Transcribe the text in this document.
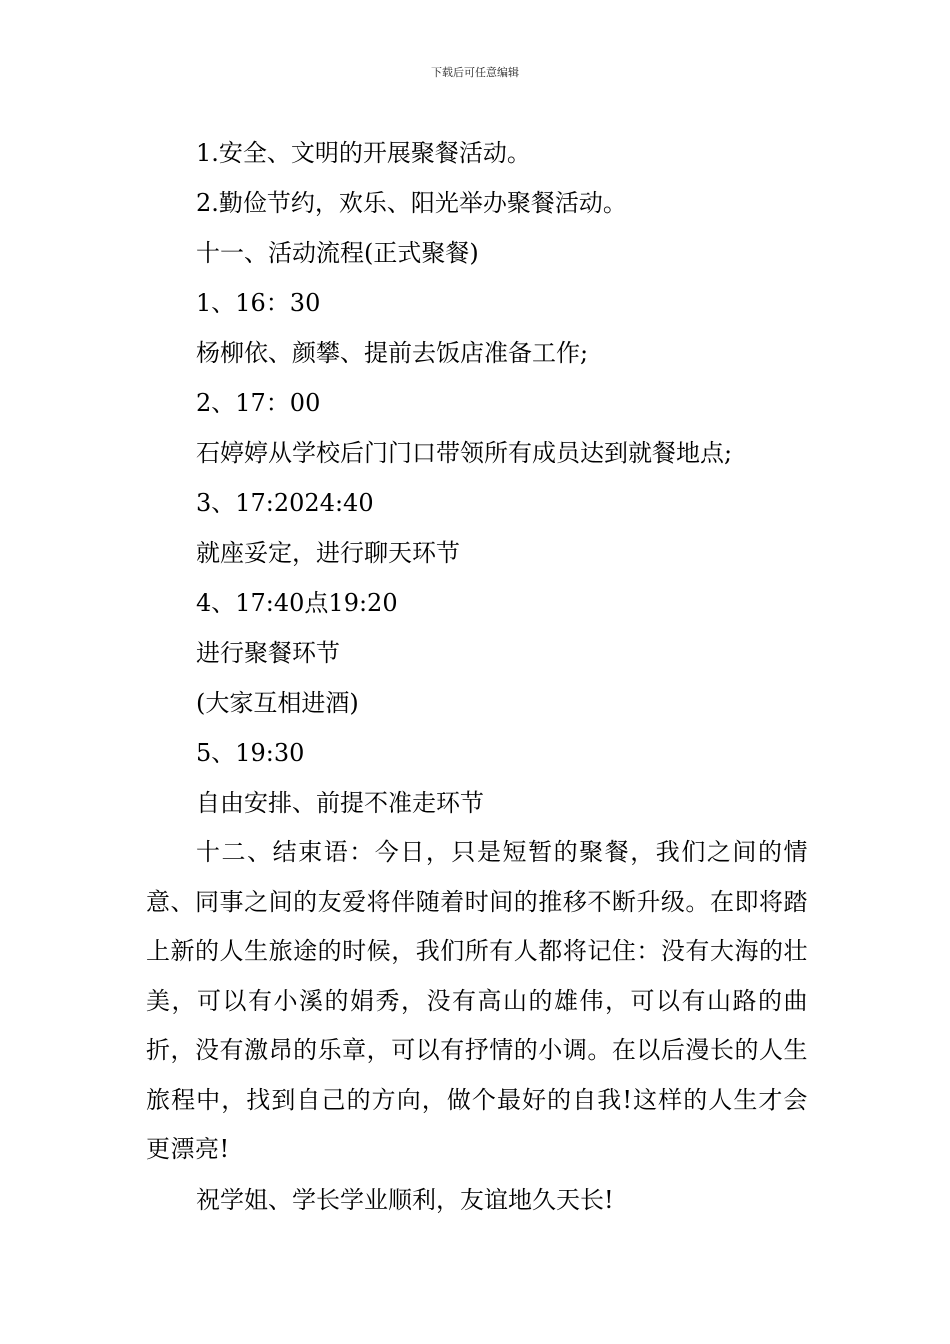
下载后可任意编辑
1.安全、文明的开展聚餐活动。
2.勤俭节约，欢乐、阳光举办聚餐活动。
十一、活动流程(正式聚餐)
1、16：30
杨柳依、颜攀、提前去饭店准备工作;
2、17：00
石婷婷从学校后门门口带领所有成员达到就餐地点;
3、17:2024:40
就座妥定，进行聊天环节
4、17:40点19:20
进行聚餐环节
(大家互相进酒)
5、19:30
自由安排、前提不准走环节
十二、结束语：今日，只是短暂的聚餐，我们之间的情意、同事之间的友爱将伴随着时间的推移不断升级。在即将踏上新的人生旅途的时候，我们所有人都将记住：没有大海的壮美，可以有小溪的娟秀，没有高山的雄伟，可以有山路的曲折，没有激昂的乐章，可以有抒情的小调。在以后漫长的人生旅程中，找到自己的方向，做个最好的自我!这样的人生才会更漂亮!
祝学姐、学长学业顺利，友谊地久天长!
